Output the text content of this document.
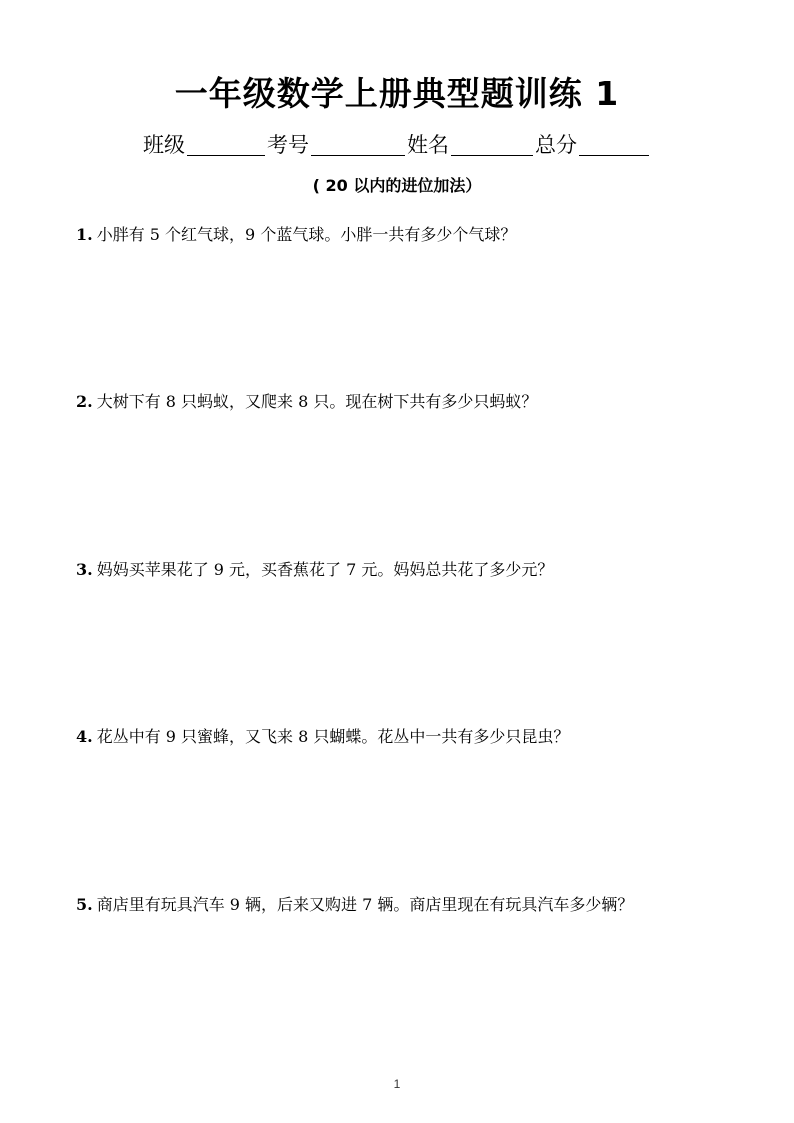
一年级数学上册典型题训练 1
班级	考号	姓名	总分
( 20 以内的进位加法）
1. 小胖有 5 个红气球，9 个蓝气球。小胖一共有多少个气球？
2. 大树下有 8 只蚂蚁，又爬来 8 只。现在树下共有多少只蚂蚁？
3. 妈妈买苹果花了 9 元，买香蕉花了 7 元。妈妈总共花了多少元？
4. 花丛中有 9 只蜜蜂，又飞来 8 只蝴蝶。花丛中一共有多少只昆虫？
5. 商店里有玩具汽车 9 辆，后来又购进 7 辆。商店里现在有玩具汽车多少辆？
1
